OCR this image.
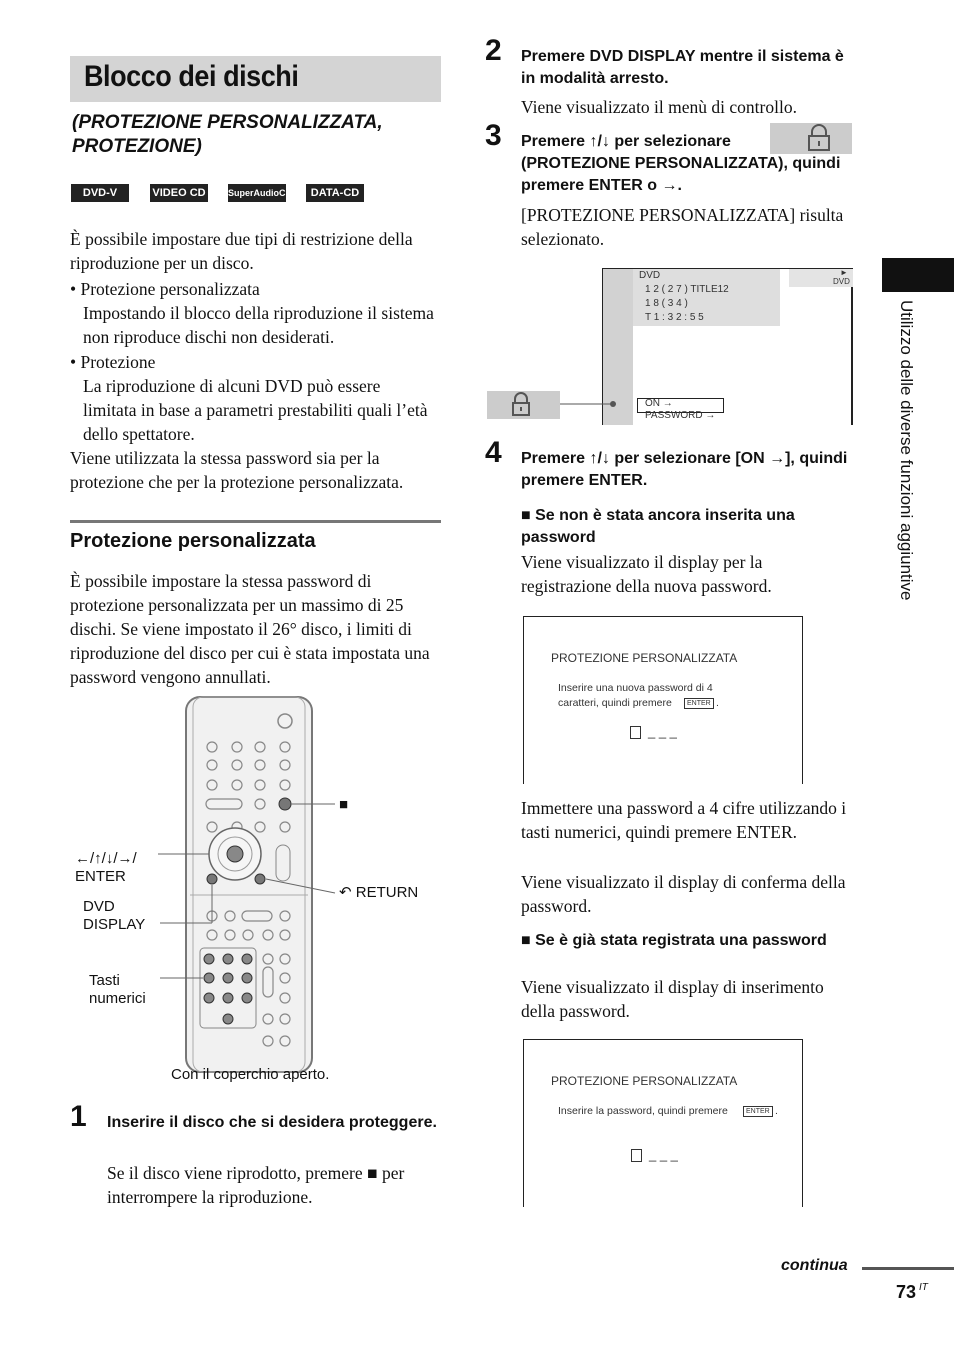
Blocco dei dischi
(PROTEZIONE PERSONALIZZATA, PROTEZIONE)
DVD-V	VIDEO CD SuperAudioCD	DATA-CD
È possibile impostare due tipi di restrizione della riproduzione per un disco.
• Protezione personalizzata
Impostando il blocco della riproduzione il sistema non riproduce dischi non desiderati.
• Protezione
La riproduzione di alcuni DVD può essere limitata in base a parametri prestabiliti quali l’età dello spettatore.
Viene utilizzata la stessa password sia per la protezione che per la protezione personalizzata.
Protezione personalizzata
È possibile impostare la stessa password di protezione personalizzata per un massimo di 25 dischi. Se viene impostato il 26° disco, i limiti di riproduzione del disco per cui è stata impostata una password vengono annullati.
■
←/↑/↓/→/
ENTER
↶ RETURN
DVD
DISPLAY
Tasti
numerici
Con il coperchio aperto.
1 Inserire il disco che si desidera proteggere.
Se il disco viene riprodotto, premere ■ per interrompere la riproduzione.
2 Premere DVD DISPLAY mentre il sistema è in modalità arresto.
Viene visualizzato il menù di controllo.
3 Premere ↑/↓ per selezionare
(PROTEZIONE PERSONALIZZATA), quindi premere ENTER o →.
[PROTEZIONE PERSONALIZZATA] risulta selezionato.
DVD
1 2 ( 2 7 ) TITLE12
1 8 ( 3 4 )
T 1 : 3 2 : 5 5
►
DVD
ON →
PASSWORD →
4 Premere ↑/↓ per selezionare [ON →], quindi premere ENTER.
■ Se non è stata ancora inserita una password
Viene visualizzato il display per la registrazione della nuova password.
PROTEZIONE PERSONALIZZATA
Inserire una nuova password di 4
caratteri, quindi premere	ENTER .
_ _ _
Immettere una password a 4 cifre utilizzando i tasti numerici, quindi premere ENTER.
Viene visualizzato il display di conferma della password.
■ Se è già stata registrata una password
Viene visualizzato il display di inserimento della password.
PROTEZIONE PERSONALIZZATA
Inserire la password, quindi premere	ENTER .
_ _ _
Utilizzo delle diverse funzioni aggiuntive
continua
73 IT
